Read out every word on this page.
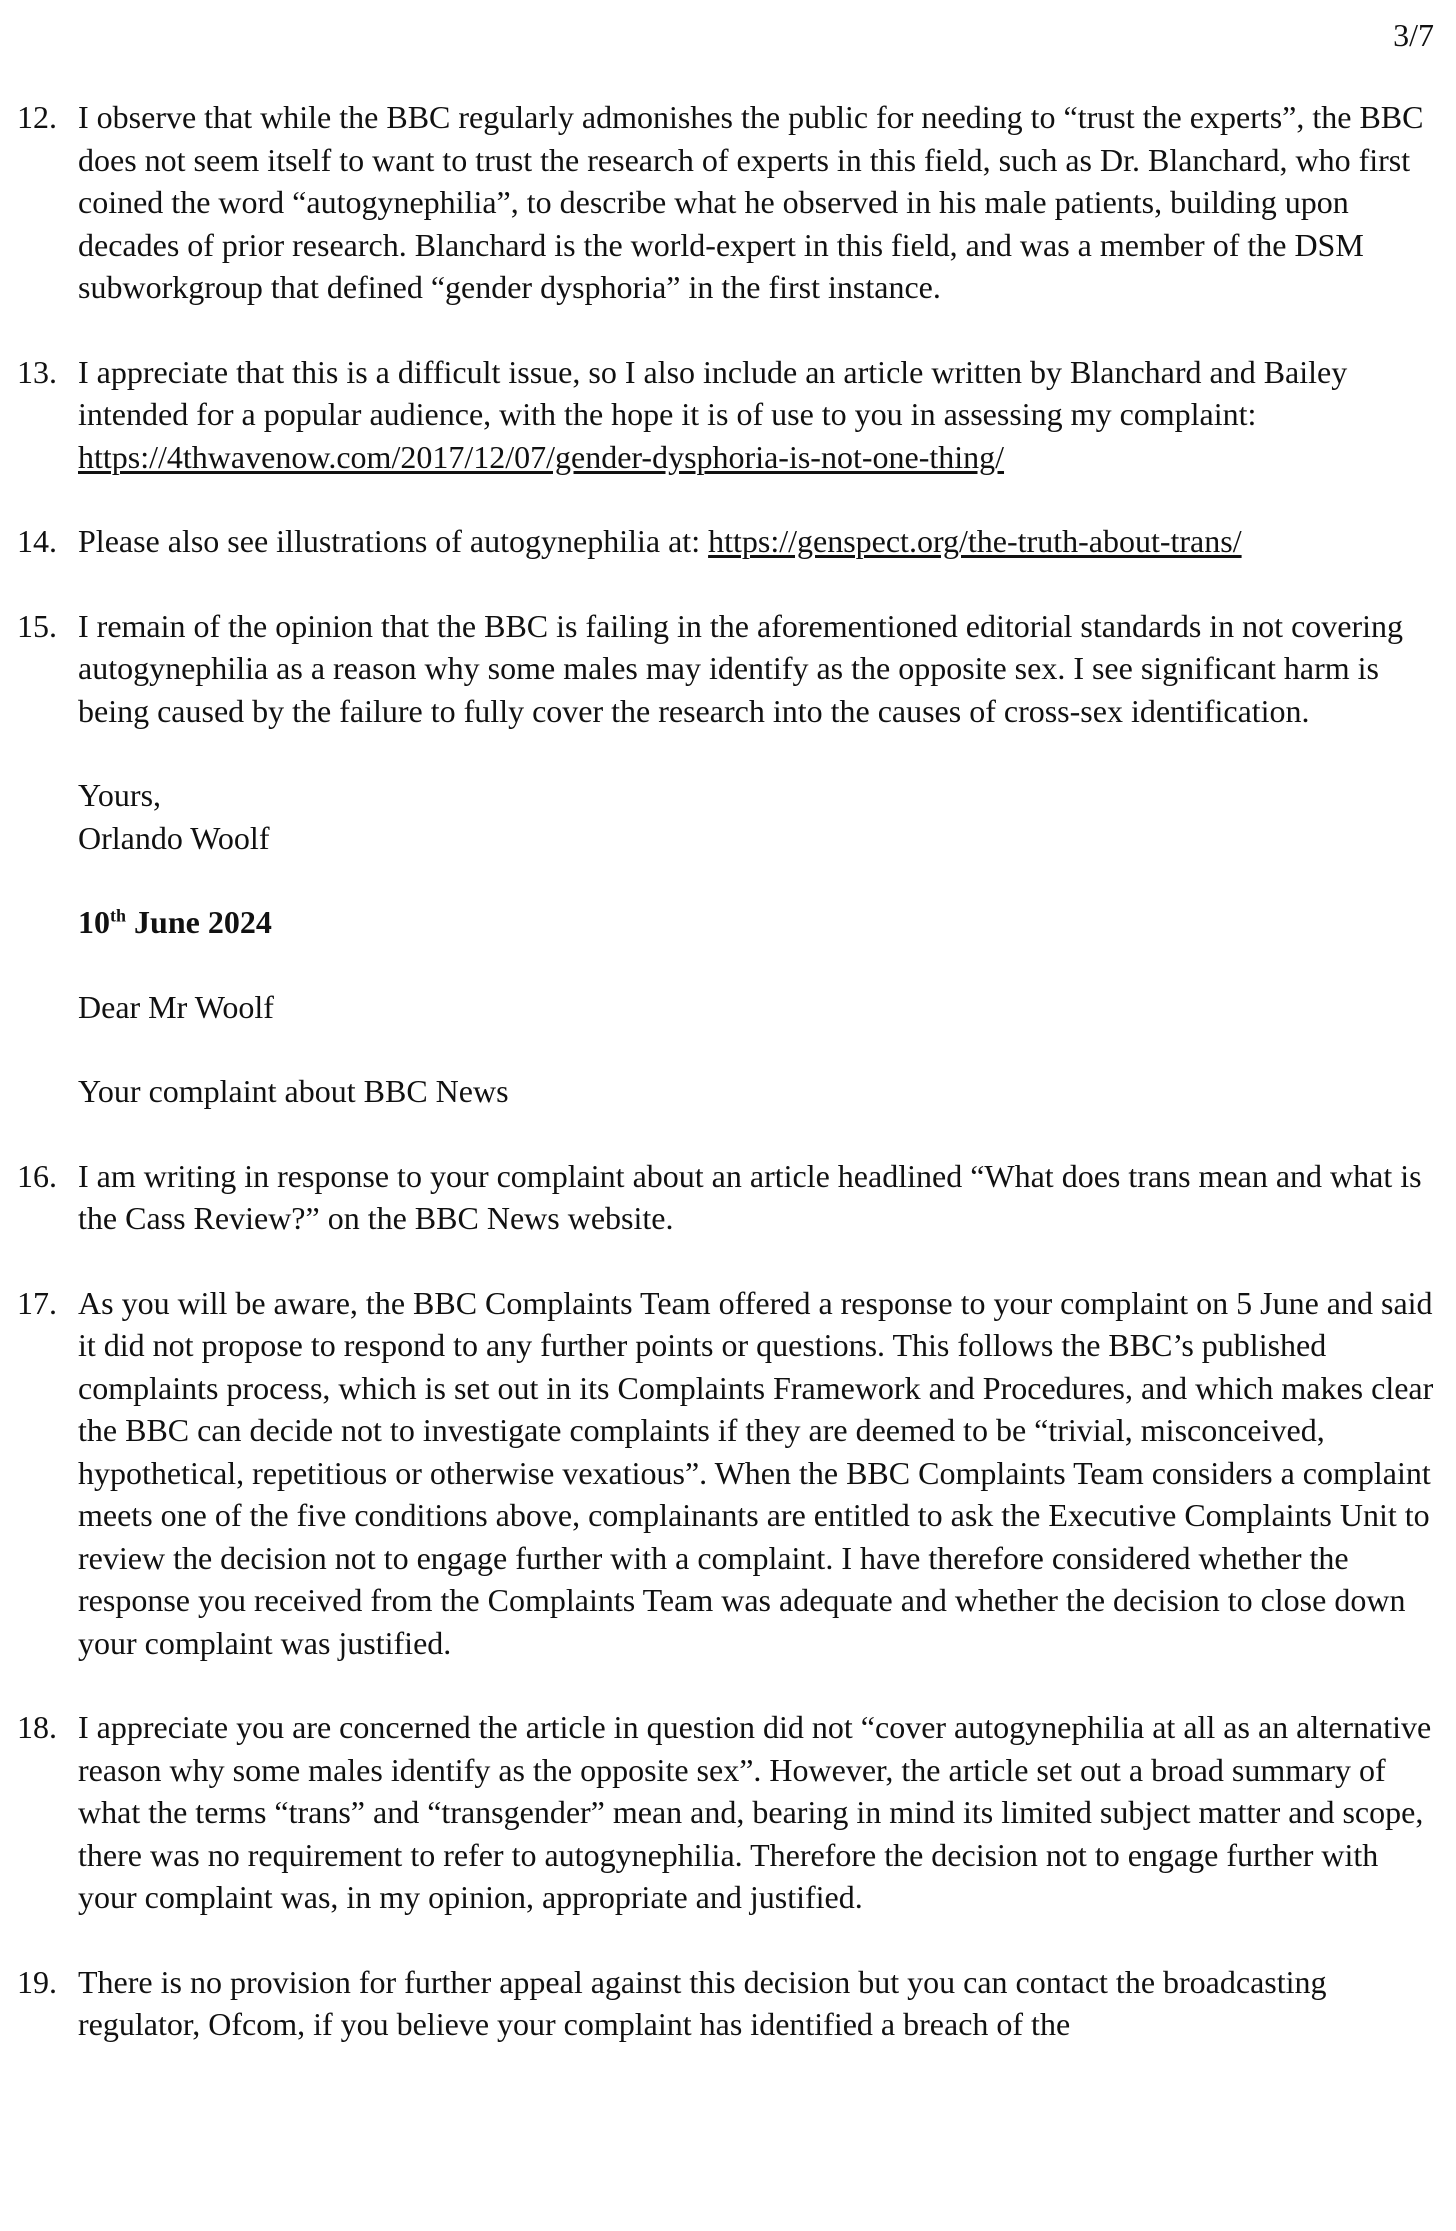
3/7
12. I observe that while the BBC regularly admonishes the public for needing to “trust the experts”, the BBC does not seem itself to want to trust the research of experts in this field, such as Dr. Blanchard, who first coined the word “autogynephilia”, to describe what he observed in his male patients, building upon decades of prior research. Blanchard is the world-expert in this field, and was a member of the DSM subworkgroup that defined “gender dysphoria” in the first instance.
13. I appreciate that this is a difficult issue, so I also include an article written by Blanchard and Bailey intended for a popular audience, with the hope it is of use to you in assessing my complaint: https://4thwavenow.com/2017/12/07/gender-dysphoria-is-not-one-thing/
14. Please also see illustrations of autogynephilia at: https://genspect.org/the-truth-about-trans/
15. I remain of the opinion that the BBC is failing in the aforementioned editorial standards in not covering autogynephilia as a reason why some males may identify as the opposite sex. I see significant harm is being caused by the failure to fully cover the research into the causes of cross-sex identification.
Yours,
Orlando Woolf
10th June 2024
Dear Mr Woolf
Your complaint about BBC News
16. I am writing in response to your complaint about an article headlined “What does trans mean and what is the Cass Review?” on the BBC News website.
17. As you will be aware, the BBC Complaints Team offered a response to your complaint on 5 June and said it did not propose to respond to any further points or questions. This follows the BBC’s published complaints process, which is set out in its Complaints Framework and Procedures, and which makes clear the BBC can decide not to investigate complaints if they are deemed to be “trivial, misconceived, hypothetical, repetitious or otherwise vexatious”. When the BBC Complaints Team considers a complaint meets one of the five conditions above, complainants are entitled to ask the Executive Complaints Unit to review the decision not to engage further with a complaint. I have therefore considered whether the response you received from the Complaints Team was adequate and whether the decision to close down your complaint was justified.
18. I appreciate you are concerned the article in question did not “cover autogynephilia at all as an alternative reason why some males identify as the opposite sex”. However, the article set out a broad summary of what the terms “trans” and “transgender” mean and, bearing in mind its limited subject matter and scope, there was no requirement to refer to autogynephilia. Therefore the decision not to engage further with your complaint was, in my opinion, appropriate and justified.
19. There is no provision for further appeal against this decision but you can contact the broadcasting regulator, Ofcom, if you believe your complaint has identified a breach of the
